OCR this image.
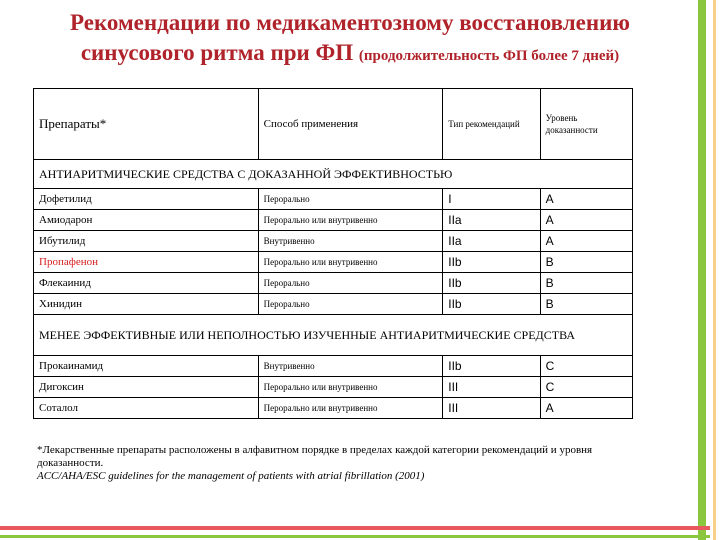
Рекомендации по медикаментозному восстановлению
синусового ритма при ФП (продолжительность ФП более 7 дней)
Препараты*	Способ применения	Тип рекомендаций	Уровень доказанности
АНТИАРИТМИЧЕСКИЕ СРЕДСТВА С ДОКАЗАННОЙ ЭФФЕКТИВНОСТЬЮ			
Дофетилид	Перорально	I	A
Амиодарон	Перорально или внутривенно	IIa	A
Ибутилид	Внутривенно	IIa	A
Пропафенон	Перорально или внутривенно	IIb	B
Флекаинид	Перорально	IIb	B
Хинидин	Перорально	IIb	B
МЕНЕЕ ЭФФЕКТИВНЫЕ ИЛИ НЕПОЛНОСТЬЮ ИЗУЧЕННЫЕ АНТИАРИТМИЧЕСКИЕ СРЕДСТВА			
Прокаинамид	Внутривенно	IIb	C
Дигоксин	Перорально или внутривенно	III	C
Соталол	Перорально или внутривенно	III	A
*Лекарственные препараты расположены в алфавитном порядке в пределах каждой категории рекомендаций и уровня доказанности.
ACC/AHA/ESC guidelines for the management of patients with atrial fibrillation (2001)
